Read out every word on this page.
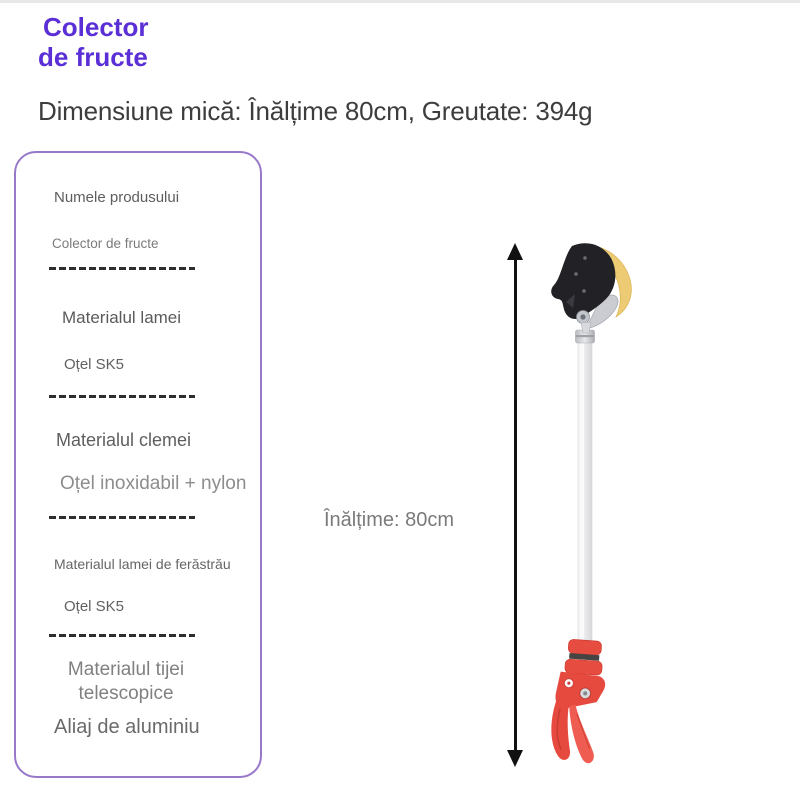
Colector
de fructe
Dimensiune mică: Înălțime 80cm, Greutate: 394g
Numele produsului
Colector de fructe
Materialul lamei
Oțel SK5
Materialul clemei
Oțel inoxidabil + nylon
Materialul lamei de ferăstrău
Oțel SK5
Materialul tijei telescopice
Aliaj de aluminiu
Înălțime: 80cm
